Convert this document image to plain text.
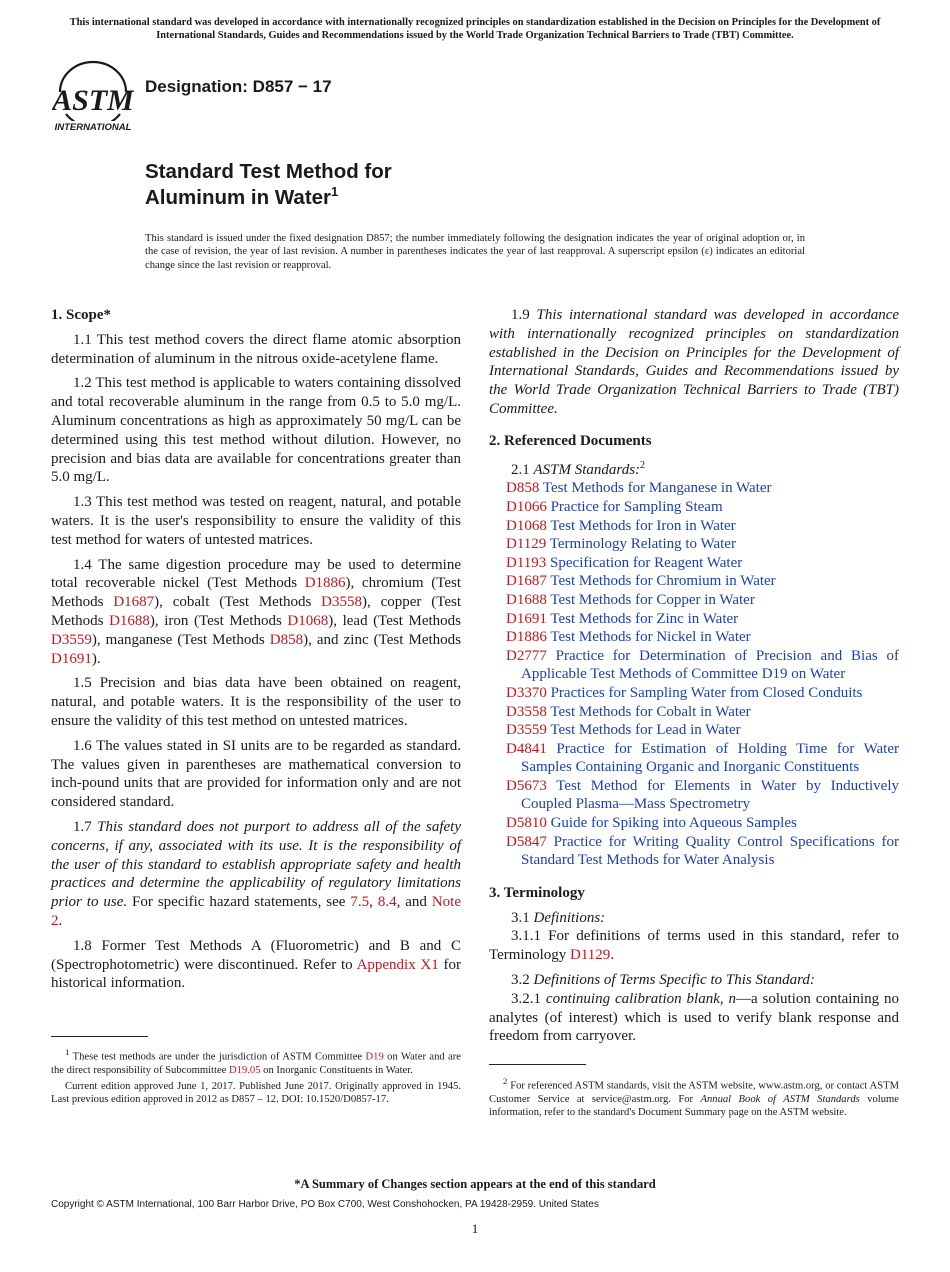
This international standard was developed in accordance with internationally recognized principles on standardization established in the Decision on Principles for the Development of International Standards, Guides and Recommendations issued by the World Trade Organization Technical Barriers to Trade (TBT) Committee.
ASTM
INTERNATIONAL
Designation: D857 − 17
Standard Test Method for
Aluminum in Water$^1$
This standard is issued under the fixed designation D857; the number immediately following the designation indicates the year of original adoption or, in the case of revision, the year of last revision. A number in parentheses indicates the year of last reapproval. A superscript epsilon (ε) indicates an editorial change since the last revision or reapproval.
1. Scope*

1.1 This test method covers the direct flame atomic absorption determination of aluminum in the nitrous oxide-acetylene flame.

1.2 This test method is applicable to waters containing dissolved and total recoverable aluminum in the range from 0.5 to 5.0 mg/L. Aluminum concentrations as high as approximately 50 mg/L can be determined using this test method without dilution. However, no precision and bias data are available for concentrations greater than 5.0 mg/L.

1.3 This test method was tested on reagent, natural, and potable waters. It is the user's responsibility to ensure the validity of this test method for waters of untested matrices.

1.4 The same digestion procedure may be used to determine total recoverable nickel (Test Methods D1886), chromium (Test Methods D1687), cobalt (Test Methods D3558), copper (Test Methods D1688), iron (Test Methods D1068), lead (Test Methods D3559), manganese (Test Methods D858), and zinc (Test Methods D1691).

1.5 Precision and bias data have been obtained on reagent, natural, and potable waters. It is the responsibility of the user to ensure the validity of this test method on untested matrices.

1.6 The values stated in SI units are to be regarded as standard. The values given in parentheses are mathematical conversion to inch-pound units that are provided for information only and are not considered standard.

1.7 This standard does not purport to address all of the safety concerns, if any, associated with its use. It is the responsibility of the user of this standard to establish appropriate safety and health practices and determine the applicability of regulatory limitations prior to use. For specific hazard statements, see 7.5, 8.4, and Note 2.

1.8 Former Test Methods A (Fluorometric) and B and C (Spectrophotometric) were discontinued. Refer to Appendix X1 for historical information.

1.9 This international standard was developed in accordance with internationally recognized principles on standardization established in the Decision on Principles for the Development of International Standards, Guides and Recommendations issued by the World Trade Organization Technical Barriers to Trade (TBT) Committee.

2. Referenced Documents

2.1 ASTM Standards:$^2$

D858 Test Methods for Manganese in Water
D1066 Practice for Sampling Steam
D1068 Test Methods for Iron in Water
D1129 Terminology Relating to Water
D1193 Specification for Reagent Water
D1687 Test Methods for Chromium in Water
D1688 Test Methods for Copper in Water
D1691 Test Methods for Zinc in Water
D1886 Test Methods for Nickel in Water
D2777 Practice for Determination of Precision and Bias of Applicable Test Methods of Committee D19 on Water
D3370 Practices for Sampling Water from Closed Conduits
D3558 Test Methods for Cobalt in Water
D3559 Test Methods for Lead in Water
D4841 Practice for Estimation of Holding Time for Water Samples Containing Organic and Inorganic Constituents
D5673 Test Method for Elements in Water by Inductively Coupled Plasma—Mass Spectrometry
D5810 Guide for Spiking into Aqueous Samples
D5847 Practice for Writing Quality Control Specifications for Standard Test Methods for Water Analysis
3. Terminology

3.1 Definitions:

3.1.1 For definitions of terms used in this standard, refer to Terminology D1129.

3.2 Definitions of Terms Specific to This Standard:

3.2.1 continuing calibration blank, n—a solution containing no analytes (of interest) which is used to verify blank response and freedom from carryover.

$^1$ These test methods are under the jurisdiction of ASTM Committee D19 on Water and are the direct responsibility of Subcommittee D19.05 on Inorganic Constituents in Water.

Current edition approved June 1, 2017. Published June 2017. Originally approved in 1945. Last previous edition approved in 2012 as D857 – 12. DOI: 10.1520/D0857-17.

$^2$ For referenced ASTM standards, visit the ASTM website, www.astm.org, or contact ASTM Customer Service at service@astm.org. For Annual Book of ASTM Standards volume information, refer to the standard's Document Summary page on the ASTM website.

*A Summary of Changes section appears at the end of this standard
Copyright © ASTM International, 100 Barr Harbor Drive, PO Box C700, West Conshohocken, PA 19428-2959. United States
1
